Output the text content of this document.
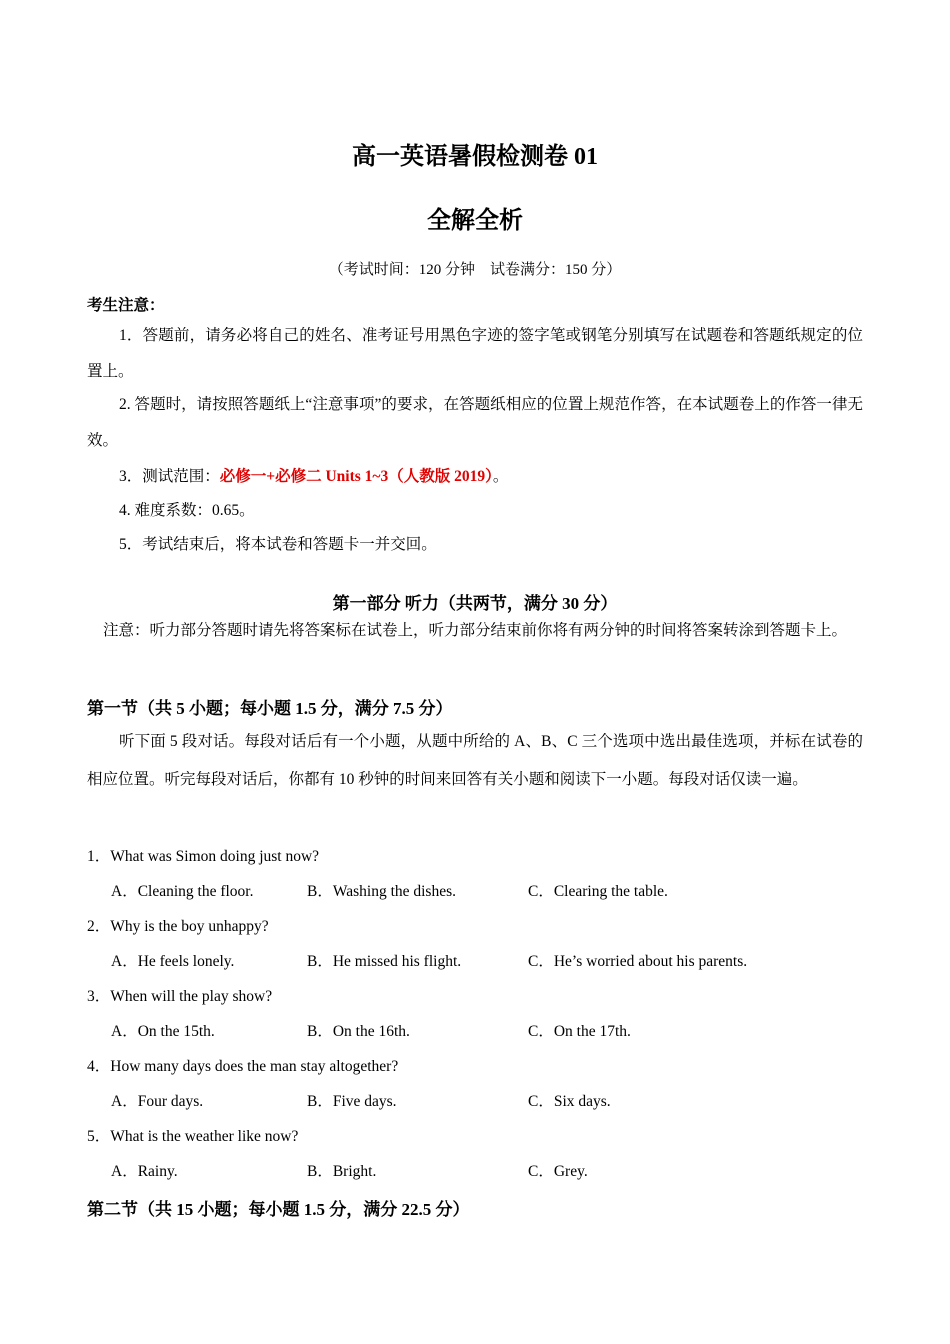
高一英语暑假检测卷 01
全解全析
（考试时间：120 分钟　试卷满分：150 分）
考生注意：
1．答题前，请务必将自己的姓名、准考证号用黑色字迹的签字笔或钢笔分别填写在试题卷和答题纸规定的位置上。
2. 答题时，请按照答题纸上“注意事项”的要求，在答题纸相应的位置上规范作答，在本试题卷上的作答一律无效。
3．测试范围：必修一+必修二 Units 1~3（人教版 2019）。
4. 难度系数：0.65。
5．考试结束后，将本试卷和答题卡一并交回。
第一部分 听力（共两节，满分 30 分）
注意：听力部分答题时请先将答案标在试卷上，听力部分结束前你将有两分钟的时间将答案转涂到答题卡上。
第一节（共 5 小题；每小题 1.5 分，满分 7.5 分）
听下面 5 段对话。每段对话后有一个小题，从题中所给的 A、B、C 三个选项中选出最佳选项，并标在试卷的相应位置。听完每段对话后，你都有 10 秒钟的时间来回答有关小题和阅读下一小题。每段对话仅读一遍。
1．What was Simon doing just now?
A．Cleaning the floor.	B．Washing the dishes.	C．Clearing the table.
2．Why is the boy unhappy?
A．He feels lonely.	B．He missed his flight.	C．He’s worried about his parents.
3．When will the play show?
A．On the 15th.	B．On the 16th.	C．On the 17th.
4．How many days does the man stay altogether?
A．Four days.	B．Five days.	C．Six days.
5．What is the weather like now?
A．Rainy.	B．Bright.	C．Grey.
第二节（共 15 小题；每小题 1.5 分，满分 22.5 分）
